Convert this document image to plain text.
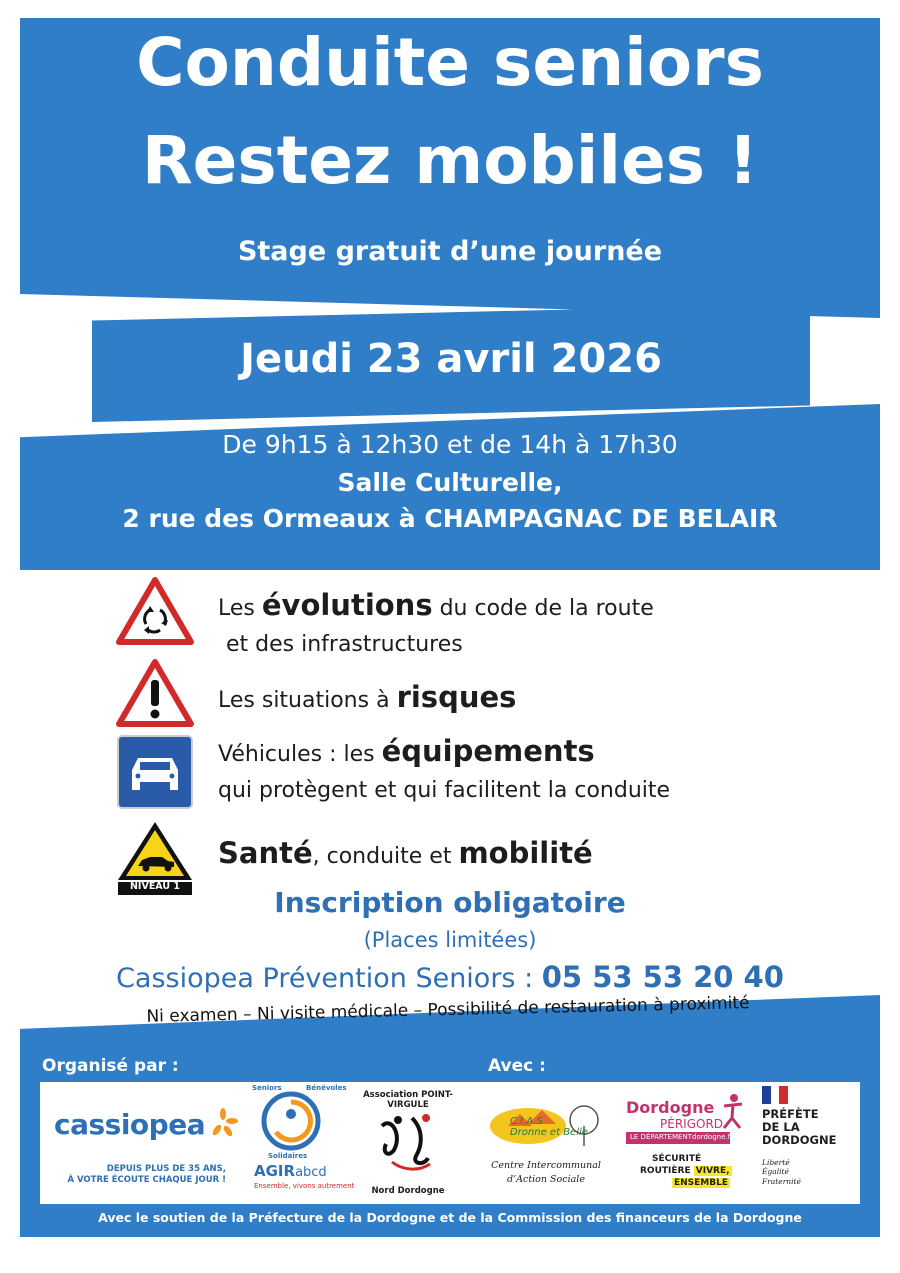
Conduite seniors
Restez mobiles !
Stage gratuit d’une journée
Jeudi 23 avril 2026
De 9h15 à 12h30 et de 14h à 17h30
Salle Culturelle,
2 rue des Ormeaux à CHAMPAGNAC DE BELAIR
Les évolutions du code de la route
et des infrastructures
Les situations à risques
Véhicules : les équipements
qui protègent et qui facilitent la conduite
NIVEAU 1
Santé, conduite et mobilité
Inscription obligatoire
(Places limitées)
Cassiopea Prévention Seniors : 05 53 53 20 40
Ni examen – Ni visite médicale – Possibilité de restauration à proximité
Organisé par :	Avec :
cassiopea
DEPUIS PLUS DE 35 ANS,
À VOTRE ÉCOUTE CHAQUE JOUR !
Seniors	Bénévoles
Solidaires
AGIRabcd
Ensemble, vivons autrement
Association POINT-VIRGULE
Nord Dordogne
C.I.A.S
Dronne et Belle
Centre Intercommunal
d’Action Sociale
Dordogne
PÉRIGORD
LE DÉPARTEMENT dordogne.fr
SÉCURITÉ
ROUTIÈRE VIVRE,
ENSEMBLE
PRÉFÈTE
DE LA
DORDOGNE
Liberté
Égalité
Fraternité
Avec le soutien de la Préfecture de la Dordogne et de la Commission des financeurs de la Dordogne
